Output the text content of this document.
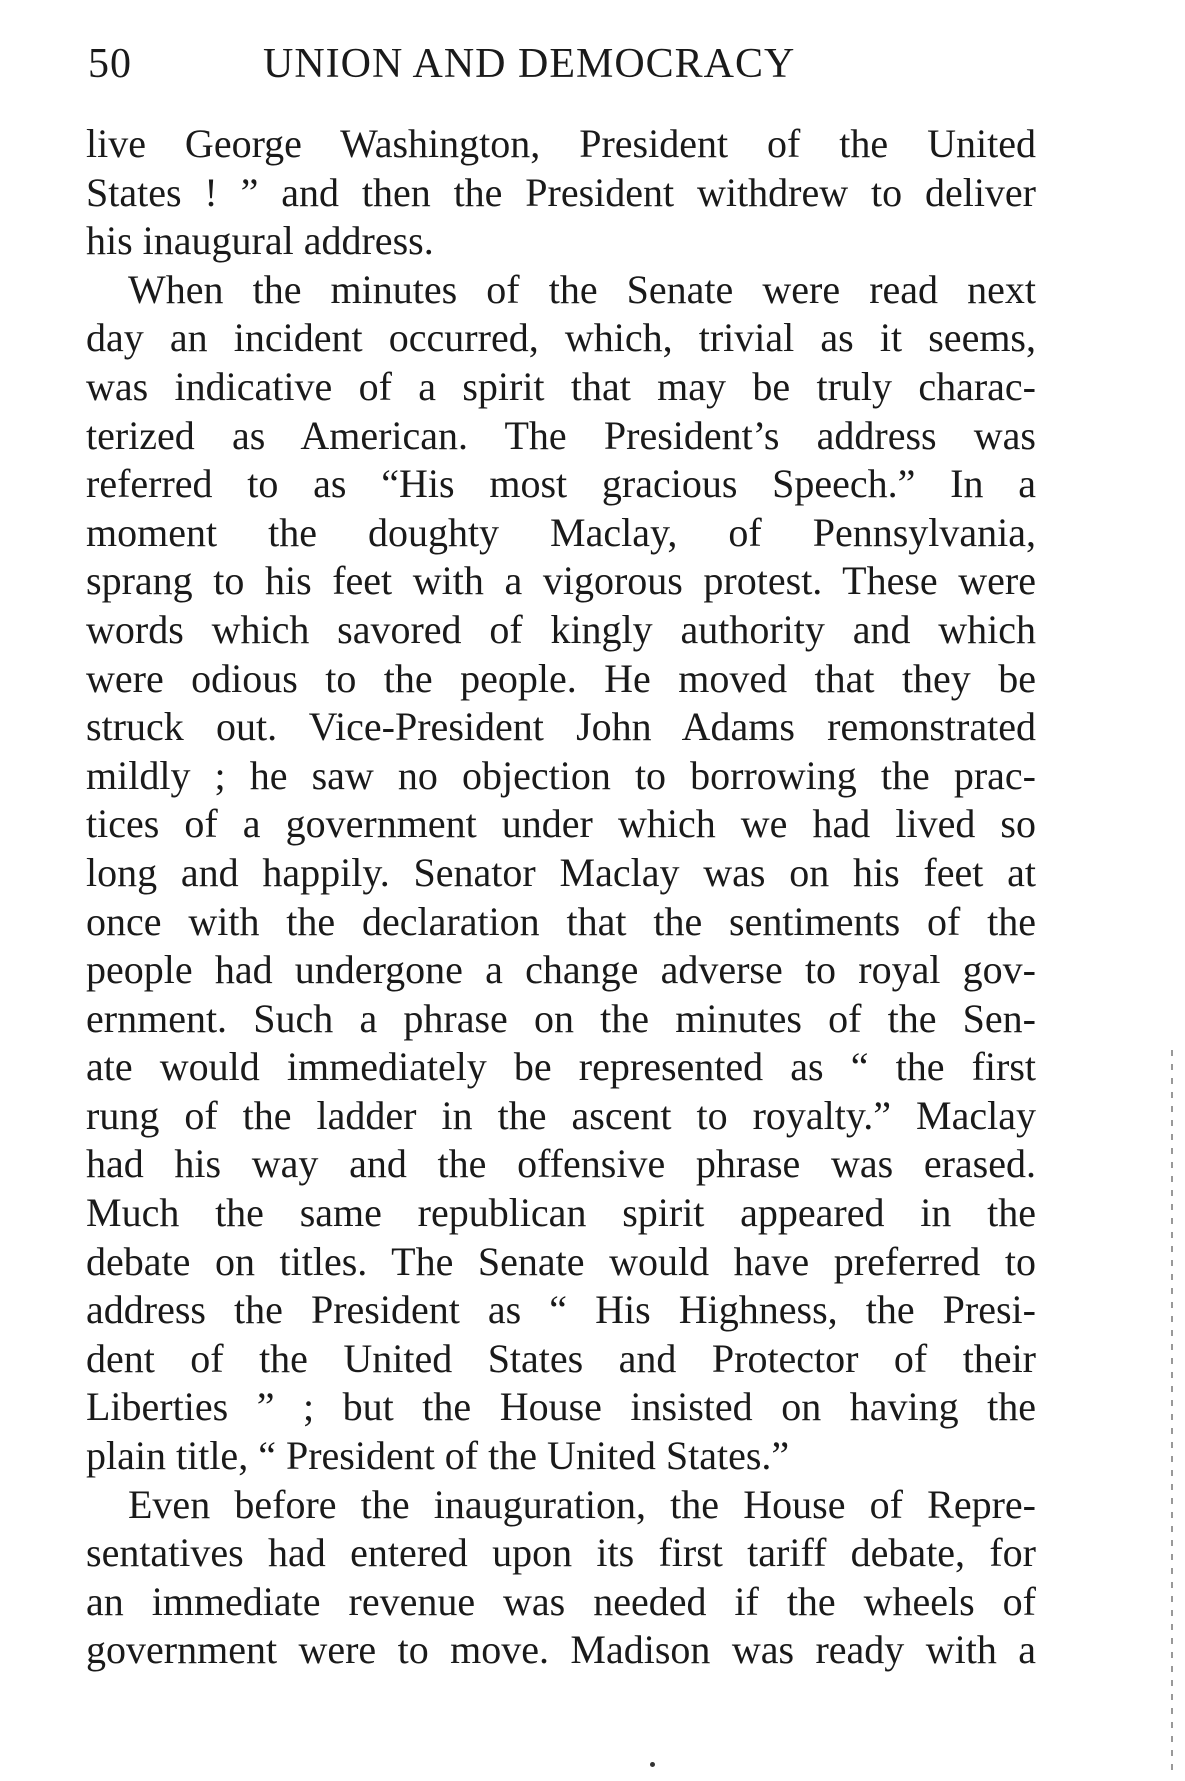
50	UNION AND DEMOCRACY
live George Washington, President of the United
States ! ” and then the President withdrew to deliver
his inaugural address.
When the minutes of the Senate were read next
day an incident occurred, which, trivial as it seems,
was indicative of a spirit that may be truly charac-
terized as American. The President’s address was
referred to as “His most gracious Speech.” In a
moment the doughty Maclay, of Pennsylvania,
sprang to his feet with a vigorous protest. These were
words which savored of kingly authority and which
were odious to the people. He moved that they be
struck out. Vice-President John Adams remonstrated
mildly ; he saw no objection to borrowing the prac-
tices of a government under which we had lived so
long and happily. Senator Maclay was on his feet at
once with the declaration that the sentiments of the
people had undergone a change adverse to royal gov-
ernment. Such a phrase on the minutes of the Sen-
ate would immediately be represented as “ the first
rung of the ladder in the ascent to royalty.” Maclay
had his way and the offensive phrase was erased.
Much the same republican spirit appeared in the
debate on titles. The Senate would have preferred to
address the President as “ His Highness, the Presi-
dent of the United States and Protector of their
Liberties ” ; but the House insisted on having the
plain title, “ President of the United States.”
Even before the inauguration, the House of Repre-
sentatives had entered upon its first tariff debate, for
an immediate revenue was needed if the wheels of
government were to move. Madison was ready with a
